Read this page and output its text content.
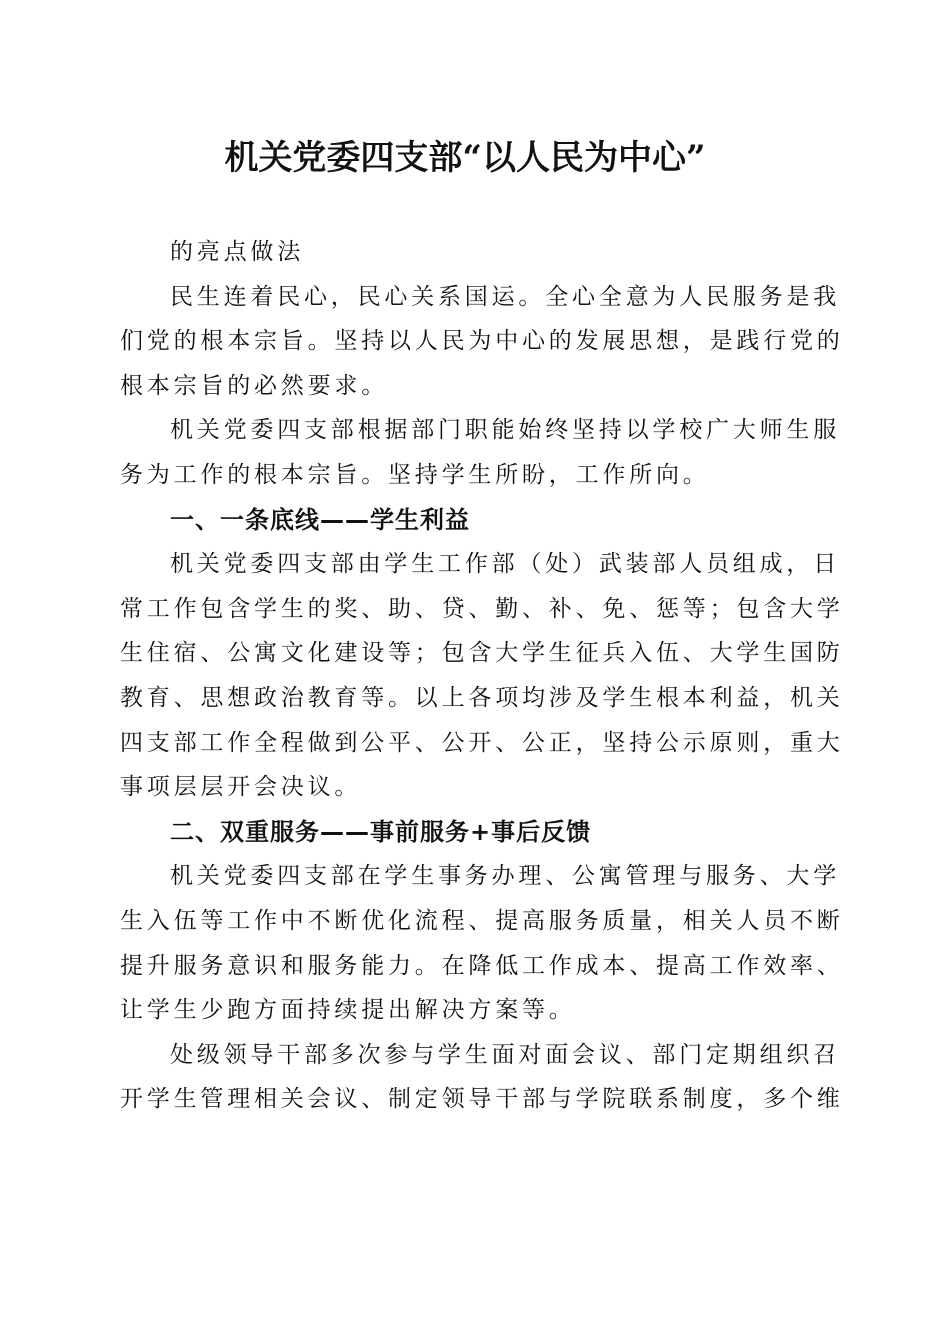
机关党委四支部“以人民为中心”
的亮点做法
民生连着民心，民心关系国运。全心全意为人民服务是我
们党的根本宗旨。坚持以人民为中心的发展思想，是践行党的
根本宗旨的必然要求。
机关党委四支部根据部门职能始终坚持以学校广大师生服
务为工作的根本宗旨。坚持学生所盼，工作所向。
一、一条底线——学生利益
机关党委四支部由学生工作部（处）武装部人员组成，日
常工作包含学生的奖、助、贷、勤、补、免、惩等；包含大学
生住宿、公寓文化建设等；包含大学生征兵入伍、大学生国防
教育、思想政治教育等。以上各项均涉及学生根本利益，机关
四支部工作全程做到公平、公开、公正，坚持公示原则，重大
事项层层开会决议。
二、双重服务——事前服务+事后反馈
机关党委四支部在学生事务办理、公寓管理与服务、大学
生入伍等工作中不断优化流程、提高服务质量，相关人员不断
提升服务意识和服务能力。在降低工作成本、提高工作效率、
让学生少跑方面持续提出解决方案等。
处级领导干部多次参与学生面对面会议、部门定期组织召
开学生管理相关会议、制定领导干部与学院联系制度，多个维
